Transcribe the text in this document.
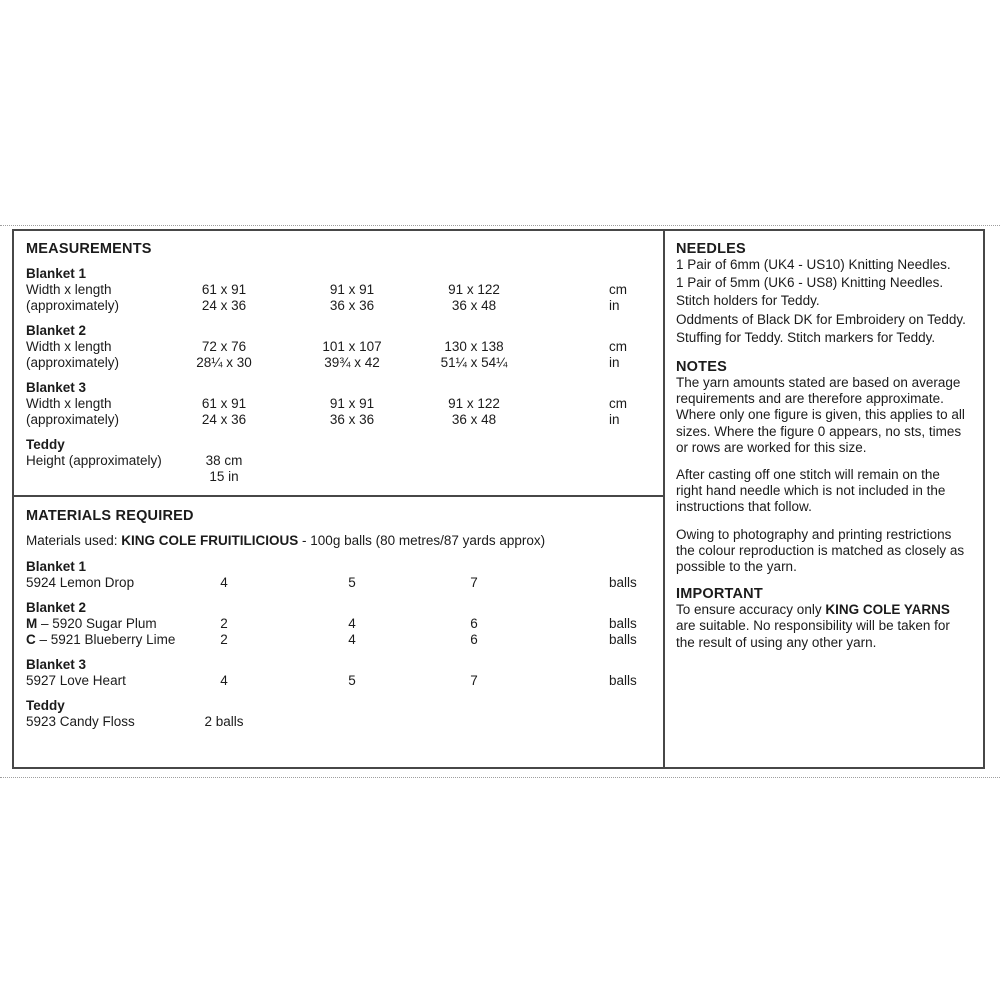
MEASUREMENTS
Blanket 1
Width x length	61 x 91	91 x 91	91 x 122	cm
(approximately)	24 x 36	36 x 36	36 x 48	in
Blanket 2
Width x length	72 x 76	101 x 107	130 x 138	cm
(approximately)	28¼ x 30	39¾ x 42	51¼ x 54¼	in
Blanket 3
Width x length	61 x 91	91 x 91	91 x 122	cm
(approximately)	24 x 36	36 x 36	36 x 48	in
Teddy
Height (approximately)	38 cm
15 in
MATERIALS REQUIRED
Materials used: KING COLE FRUITILICIOUS - 100g balls (80 metres/87 yards approx)
Blanket 1
5924 Lemon Drop	4	5	7	balls
Blanket 2
M – 5920 Sugar Plum	2	4	6	balls
C – 5921 Blueberry Lime	2	4	6	balls
Blanket 3
5927 Love Heart	4	5	7	balls
Teddy
5923 Candy Floss	2 balls
NEEDLES
1 Pair of 6mm (UK4 - US10) Knitting Needles.
1 Pair of 5mm (UK6 - US8) Knitting Needles.
Stitch holders for Teddy.
Oddments of Black DK for Embroidery on Teddy.
Stuffing for Teddy. Stitch markers for Teddy.
NOTES

The yarn amounts stated are based on average requirements and are therefore approximate. Where only one figure is given, this applies to all sizes. Where the figure 0 appears, no sts, times or rows are worked for this size.

After casting off one stitch will remain on the right hand needle which is not included in the instructions that follow.

Owing to photography and printing restrictions the colour reproduction is matched as closely as possible to the yarn.

IMPORTANT

To ensure accuracy only KING COLE YARNS are suitable. No responsibility will be taken for the result of using any other yarn.
